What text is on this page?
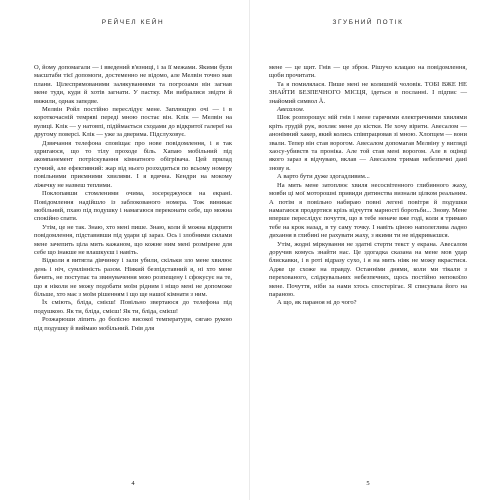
РЕЙЧЕЛ КЕЙН

О, йому допомагали — і введений в'язниці, і за її межами. Якими були масштаби тієї допомоги, достеменно не відомо, але Мелвін точно мав плани. Цілеспрямованими залякуваннями та погрозами він загнав мене туди, куди й хотів загнати. У пастку. Ми вибралися звідти й вижили, однак запедве.

Мелвін Ройл постійно переслідує мене. Заплющую очі — і в короткочасній темряві переді мною постає він. Клік — Мелвін на вулиці. Клік — у натовпі, підіймається сходами до відкритої галереї на другому поверсі. Клік — уже за дверима. Підслуховує.

Дзвячання телефона сповіщає про нове повідомлення, і я так здригаюся, що то тілу проходе біль. Хапаю мобільний під акомпанемент потріскування кімнатного обігрівача. Цей прилад гучний, але ефективний: жар від нього розходиться по всьому номеру повільними приємними хвилями. І я вдячна. Кендри на мокому ліжечку не назвеш теплими.

Поклопавши стомленими очима, зосереджуюся на екрані. Повідомлення надійшло із заблокованого номера. Тож виникає мобільний, пхаю під подушку і намагаюся переконати себе, що можна спокійно спати.

Утім, це не так. Знаю, хто мені пише. Знаю, коли й можна відкрити повідомлення, підставивши під удари ці зараз. Ось і злобними силами мене зачепить ціла мить кажаном, що кожне ним мені розмірене для себе що інакше не влашкуєш і навіть.

Відколи я витягла дівчинку і зали убили, скільки зло мене хвилює день і ніч, сумлінність разом. Ніякий безпідставний я, ні хто мене бачить, не поступає та звинувачення мою розпещену і сфокусує на те, що я ніколи не можу подобати моїм рідним і ніщо мені не допоможе більше, хто має з моїм рішенням і що ще нашої кімнати з ним.

Їх сміють, бліда, смієш! Повільно звертаюся до телефона під подушкою. Як ти, бліда, смієш! Як ти, бліда, смієш!

Розжарюши ліпить до болісно високої температури, сягаю рукою під подушку й виймаю мобільний. Гнів для

4
ЗГУБНИЙ ПОТІК

мене — це щит. Гнів — це зброя. Рішучо клацаю на повідомлення, щоби прочитати.

Та я помилялася. Пише мені не колишній чоловік. ТОБІ ВЖЕ НЕ ЗНАЙТИ БЕЗПЕЧНОГО МІСЦЯ, ідеться в посланні. І підпис — знайомий символ Å.

Авесалом.

Шок розпорошує мій гнів і мене гарячими електричними хвилями кріть грудій рук, вохляє мене до кістки. Не хочу вірити. Авесалом — анонімний хакер, який колись співпрацював зі мною. Хлопцем — вони звали. Тепер він став ворогом. Авесалом допомагав Мелвіну у вигляді хаосу-убивств та проніка. Але той став мені ворогом. Але в оцінці якого зараз я відчуваю, вклав — Авесалом тримав небезпечні дані знову я.

А варто бути дуже здогадливим...

На мить мене затоплює хвиля несосвітенного глибинного жаху, мовби ці мої моторошні привиди дитинства визнали цілком реальним. А потім я повільно набираю повні легені повітря й подушки намагаюся продертися крізь відчуття марності боротьби... Знову. Мене вперше переслідує почуття, що в тебе неначе вже годі, коли я тримаю тебе на крок назад, в ту саму точку. І навіть ціною наполеглива ладно дихання в глибині не рахувати жаху, з якими ти не відкриваєшся.

Утім, жодні міркування не здатні стерти текст у екрана. Авесалом доручив комусь знайти нас. Це здогадка сказана на мене мов удар блискавки, і в роті відразу сухо, і я на мить ніяк не можу вкрастися. Адже це схоже на правду. Останніми днями, коли ми тікали з перехованого, слідкувальних небезпечних, щось постійно непокоїло мене. Почуття, ніби за нами хтось спостерігає. Я списувала його на параною.

А що, як параноя ні до чого?

5
